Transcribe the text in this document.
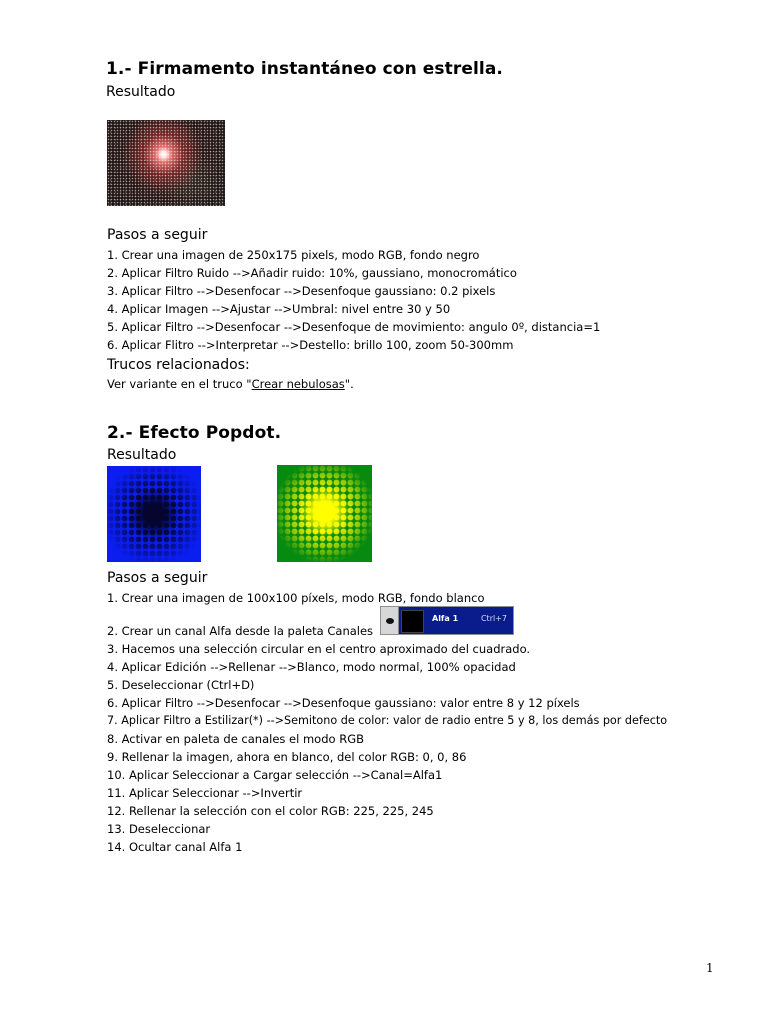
1.- Firmamento instantáneo con estrella.
Resultado
Pasos a seguir
1. Crear una imagen de 250x175 pixels, modo RGB, fondo negro
2. Aplicar Filtro Ruido -->Añadir ruido: 10%, gaussiano, monocromático
3. Aplicar Filtro -->Desenfocar -->Desenfoque gaussiano: 0.2 pixels
4. Aplicar Imagen -->Ajustar -->Umbral: nivel entre 30 y 50
5. Aplicar Filtro -->Desenfocar -->Desenfoque de movimiento: angulo 0º, distancia=1
6. Aplicar Flitro -->Interpretar -->Destello: brillo 100, zoom 50-300mm
Trucos relacionados:
Ver variante en el truco "Crear nebulosas".
2.- Efecto Popdot.
Resultado
Pasos a seguir
1. Crear una imagen de 100x100 píxels, modo RGB, fondo blanco
2. Crear un canal Alfa desde la paleta Canales
Alfa 1	Ctrl+7
3. Hacemos una selección circular en el centro aproximado del cuadrado.
4. Aplicar Edición -->Rellenar -->Blanco, modo normal, 100% opacidad
5. Deseleccionar (Ctrl+D)
6. Aplicar Filtro -->Desenfocar -->Desenfoque gaussiano: valor entre 8 y 12 píxels
7. Aplicar Filtro a Estilizar(*) -->Semitono de color: valor de radio entre 5 y 8, los demás por defecto
8. Activar en paleta de canales el modo RGB
9. Rellenar la imagen, ahora en blanco, del color RGB: 0, 0, 86
10. Aplicar Seleccionar a Cargar selección -->Canal=Alfa1
11. Aplicar Seleccionar -->Invertir
12. Rellenar la selección con el color RGB: 225, 225, 245
13. Deseleccionar
14. Ocultar canal Alfa 1
1
